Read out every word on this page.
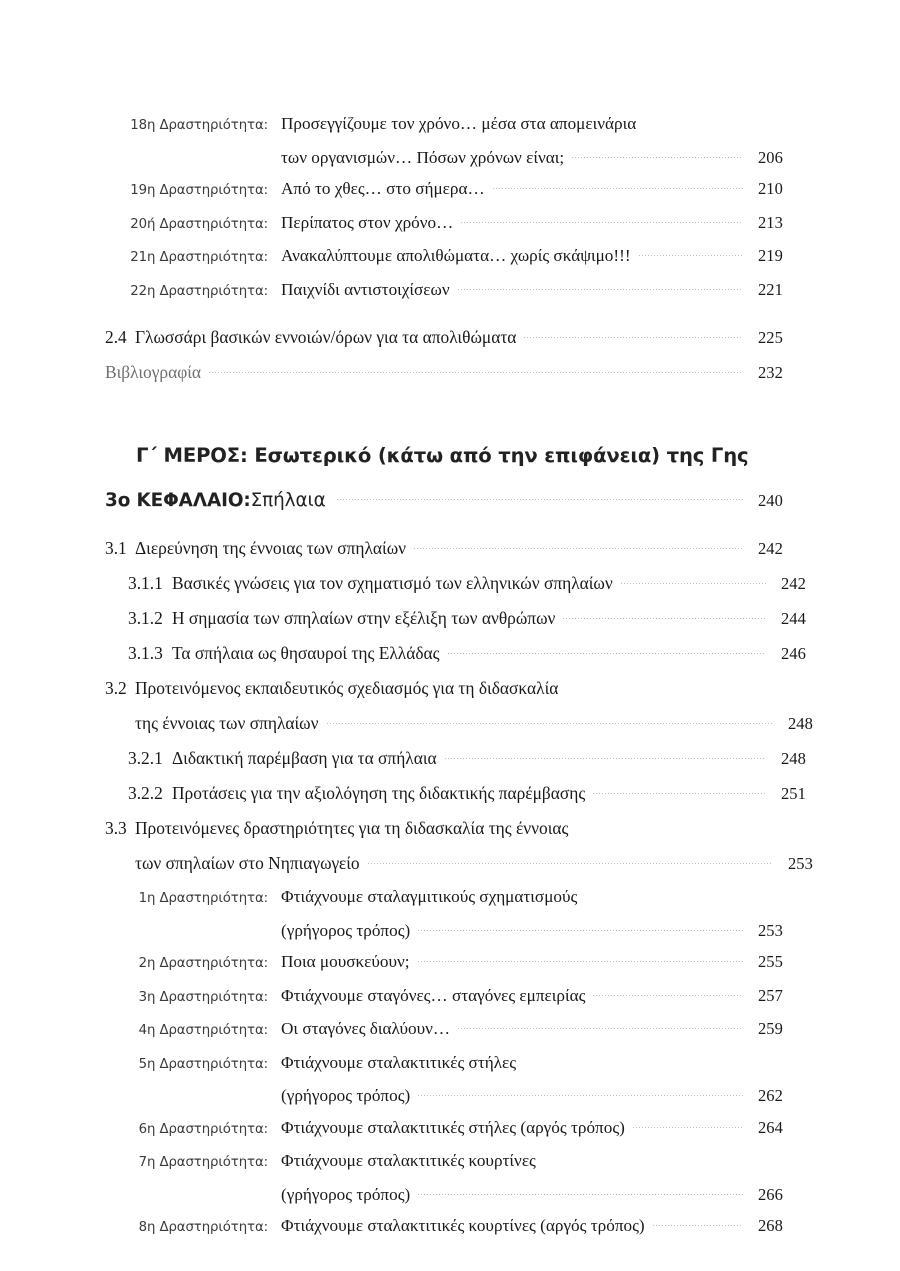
18η Δραστηριότητα: Προσεγγίζουμε τον χρόνο… μέσα στα απομεινάρια
των οργανισμών… Πόσων χρόνων είναι;	206
19η Δραστηριότητα: Από το χθες… στο σήμερα…	210
20ή Δραστηριότητα: Περίπατος στον χρόνο…	213
21η Δραστηριότητα: Ανακαλύπτουμε απολιθώματα… χωρίς σκάψιμο!!!	219
22η Δραστηριότητα: Παιχνίδι αντιστοιχίσεων	221
2.4 Γλωσσάρι βασικών εννοιών/όρων για τα απολιθώματα	225
Βιβλιογραφία	232
Γ΄ ΜΕΡΟΣ: Εσωτερικό (κάτω από την επιφάνεια) της Γης
3ο ΚΕΦΑΛΑΙΟ: Σπήλαια	240
3.1 Διερεύνηση της έννοιας των σπηλαίων	242
3.1.1 Βασικές γνώσεις για τον σχηματισμό των ελληνικών σπηλαίων	242
3.1.2 Η σημασία των σπηλαίων στην εξέλιξη των ανθρώπων	244
3.1.3 Τα σπήλαια ως θησαυροί της Ελλάδας	246
3.2 Προτεινόμενος εκπαιδευτικός σχεδιασμός για τη διδασκαλία
της έννοιας των σπηλαίων	248
3.2.1 Διδακτική παρέμβαση για τα σπήλαια	248
3.2.2 Προτάσεις για την αξιολόγηση της διδακτικής παρέμβασης	251
3.3 Προτεινόμενες δραστηριότητες για τη διδασκαλία της έννοιας
των σπηλαίων στο Νηπιαγωγείο	253
1η Δραστηριότητα: Φτιάχνουμε σταλαγμιτικούς σχηματισμούς
(γρήγορος τρόπος)	253
2η Δραστηριότητα: Ποια μουσκεύουν;	255
3η Δραστηριότητα: Φτιάχνουμε σταγόνες… σταγόνες εμπειρίας	257
4η Δραστηριότητα: Οι σταγόνες διαλύουν…	259
5η Δραστηριότητα: Φτιάχνουμε σταλακτιτικές στήλες
(γρήγορος τρόπος)	262
6η Δραστηριότητα: Φτιάχνουμε σταλακτιτικές στήλες (αργός τρόπος)	264
7η Δραστηριότητα: Φτιάχνουμε σταλακτιτικές κουρτίνες
(γρήγορος τρόπος)	266
8η Δραστηριότητα: Φτιάχνουμε σταλακτιτικές κουρτίνες (αργός τρόπος)	268
